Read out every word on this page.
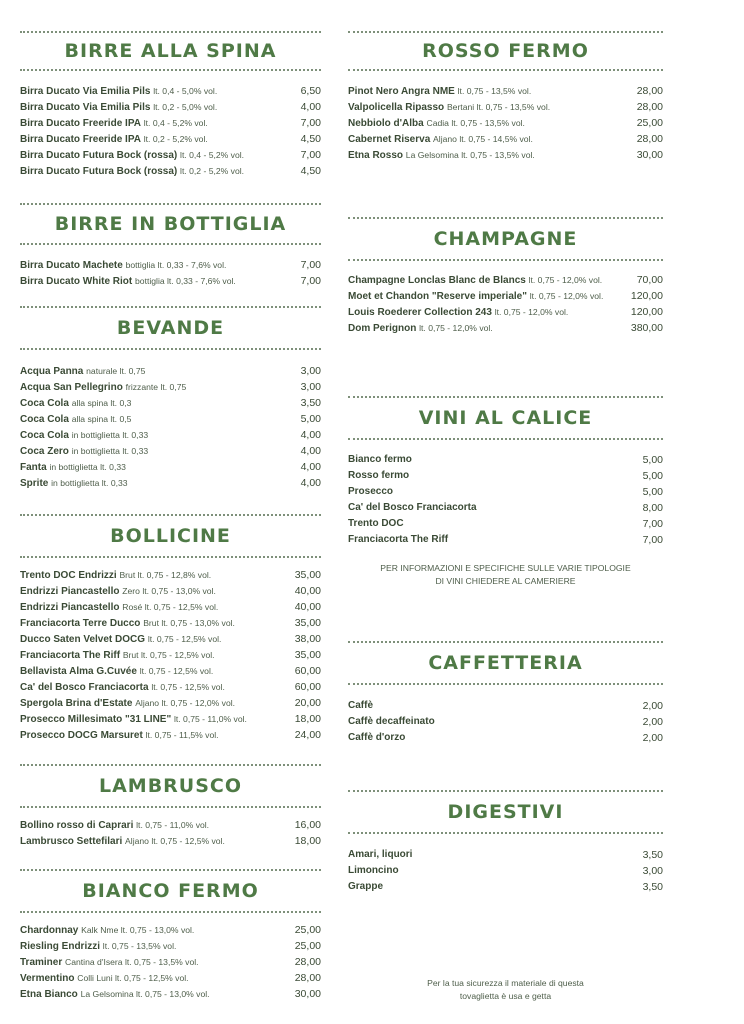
BIRRE ALLA SPINA
Birra Ducato Via Emilia Pils lt. 0,4 - 5,0% vol.	6,50
Birra Ducato Via Emilia Pils lt. 0,2 - 5,0% vol.	4,00
Birra Ducato Freeride IPA lt. 0,4 - 5,2% vol.	7,00
Birra Ducato Freeride IPA lt. 0,2 - 5,2% vol.	4,50
Birra Ducato Futura Bock (rossa) lt. 0,4 - 5,2% vol.	7,00
Birra Ducato Futura Bock (rossa) lt. 0,2 - 5,2% vol.	4,50
BIRRE IN BOTTIGLIA
Birra Ducato Machete bottiglia lt. 0,33 - 7,6% vol.	7,00
Birra Ducato White Riot bottiglia lt. 0,33 - 7,6% vol.	7,00
BEVANDE
Acqua Panna naturale lt. 0,75	3,00
Acqua San Pellegrino frizzante lt. 0,75	3,00
Coca Cola alla spina lt. 0,3	3,50
Coca Cola alla spina lt. 0,5	5,00
Coca Cola in bottiglietta lt. 0,33	4,00
Coca Zero in bottiglietta lt. 0,33	4,00
Fanta in bottiglietta lt. 0,33	4,00
Sprite in bottiglietta lt. 0,33	4,00
BOLLICINE
Trento DOC Endrizzi Brut lt. 0,75 - 12,8% vol.	35,00
Endrizzi Piancastello Zero lt. 0,75 - 13,0% vol.	40,00
Endrizzi Piancastello Rosé lt. 0,75 - 12,5% vol.	40,00
Franciacorta Terre Ducco Brut lt. 0,75 - 13,0% vol.	35,00
Ducco Saten Velvet DOCG lt. 0,75 - 12,5% vol.	38,00
Franciacorta The Riff Brut lt. 0,75 - 12,5% vol.	35,00
Bellavista Alma G.Cuvée lt. 0,75 - 12,5% vol.	60,00
Ca' del Bosco Franciacorta lt. 0,75 - 12,5% vol.	60,00
Spergola Brina d'Estate Aljano lt. 0,75 - 12,0% vol.	20,00
Prosecco Millesimato "31 LINE" lt. 0,75 - 11,0% vol.	18,00
Prosecco DOCG Marsuret lt. 0,75 - 11,5% vol.	24,00
LAMBRUSCO
Bollino rosso di Caprari lt. 0,75 - 11,0% vol.	16,00
Lambrusco Settefilari Aljano lt. 0,75 - 12,5% vol.	18,00
BIANCO FERMO
Chardonnay Kalk Nme lt. 0,75 - 13,0% vol.	25,00
Riesling Endrizzi lt. 0,75 - 13,5% vol.	25,00
Traminer Cantina d'Isera lt. 0,75 - 13,5% vol.	28,00
Vermentino Colli Luni lt. 0,75 - 12,5% vol.	28,00
Etna Bianco La Gelsomina lt. 0,75 - 13,0% vol.	30,00
ROSSO FERMO
Pinot Nero Angra NME lt. 0,75 - 13,5% vol.	28,00
Valpolicella Ripasso Bertani lt. 0,75 - 13,5% vol.	28,00
Nebbiolo d'Alba Cadia lt. 0,75 - 13,5% vol.	25,00
Cabernet Riserva Aljano lt. 0,75 - 14,5% vol.	28,00
Etna Rosso La Gelsomina lt. 0,75 - 13,5% vol.	30,00
CHAMPAGNE
Champagne Lonclas Blanc de Blancs lt. 0,75 - 12,0% vol.	70,00
Moet et Chandon "Reserve imperiale" lt. 0,75 - 12,0% vol.	120,00
Louis Roederer Collection 243 lt. 0,75 - 12,0% vol.	120,00
Dom Perignon lt. 0,75 - 12,0% vol.	380,00
VINI AL CALICE
Bianco fermo	5,00
Rosso fermo	5,00
Prosecco	5,00
Ca' del Bosco Franciacorta	8,00
Trento DOC	7,00
Franciacorta The Riff	7,00
PER INFORMAZIONI E SPECIFICHE SULLE VARIE TIPOLOGIE
DI VINI CHIEDERE AL CAMERIERE
CAFFETTERIA
Caffè	2,00
Caffè decaffeinato	2,00
Caffè d'orzo	2,00
DIGESTIVI
Amari, liquori	3,50
Limoncino	3,00
Grappe	3,50
Per la tua sicurezza il materiale di questa
tovaglietta è usa e getta
